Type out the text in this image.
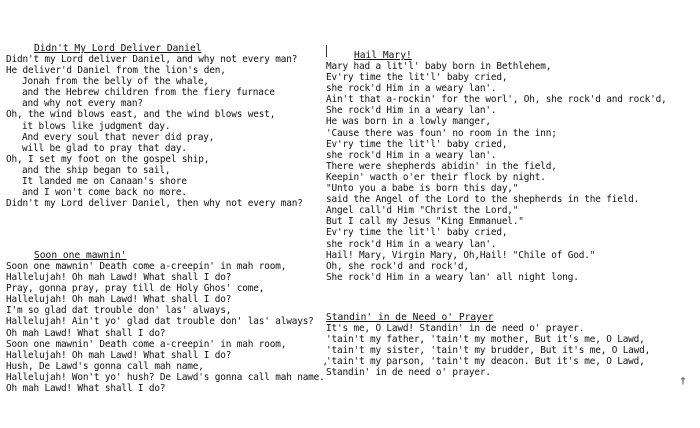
Didn't My Lord Deliver Daniel
Didn't my Lord deliver Daniel, and why not every man?
He deliver'd Daniel from the lion's den,
Jonah from the belly of the whale,
and the Hebrew children from the fiery furnace
and why not every man?
Oh, the wind blows east, and the wind blows west,
it blows like judgment day.
And every soul that never did pray,
will be glad to pray that day.
Oh, I set my foot on the gospel ship,
and the ship began to sail,
It landed me on Canaan's shore
and I won't come back no more.
Didn't my Lord deliver Daniel, then why not every man?
Soon one mawnin'
Soon one mawnin' Death come a-creepin' in mah room,
Hallelujah! Oh mah Lawd! What shall I do?
Pray, gonna pray, pray till de Holy Ghos' come,
Hallelujah! Oh mah Lawd! What shall I do?
I'm so glad dat trouble don' las' always,
Hallelujah! Ain't yo' glad dat trouble don' las' always?
Oh mah Lawd! What shall I do?
Soon one mawnin' Death come a-creepin' in mah room,
Hallelujah! Oh mah Lawd! What shall I do?
Hush, De Lawd's gonna call mah name,
Hallelujah! Won't yo' hush? De Lawd's gonna call mah name.
Oh mah Lawd! What shall I do?
Hail Mary!
Mary had a lit'l' baby born in Bethlehem,
Ev'ry time the lit'l' baby cried,
she rock'd Him in a weary lan'.
Ain't that a-rockin' for the worl', Oh, she rock'd and rock'd,
She rock'd Him in a weary lan'.
He was born in a lowly manger,
'Cause there was foun' no room in the inn;
Ev'ry time the lit'l' baby cried,
she rock'd Him in a weary lan'.
There were shepherds abidin' in the field,
Keepin' wacth o'er their flock by night.
"Unto you a babe is born this day,"
said the Angel of the Lord to the shepherds in the field.
Angel call'd Him "Christ the Lord,"
But I call my Jesus "King Emmanuel."
Ev'ry time the lit'l' baby cried,
she rock'd Him in a weary lan'.
Hail! Mary, Virgin Mary, Oh,Hail! "Chile of God."
Oh, she rock'd and rock'd,
She rock'd Him in a weary lan' all night long.
Standin' in de Need o' Prayer
It's me, O Lawd! Standin' in de need o' prayer.
'tain't my father, 'tain't my mother, But it's me, O Lawd,
'tain't my sister, 'tain't my brudder, But it's me, O Lawd,
'tain't my parson, 'tain't my deacon. But it's me, O Lawd,
Standin' in de need o' prayer.
†
‘
